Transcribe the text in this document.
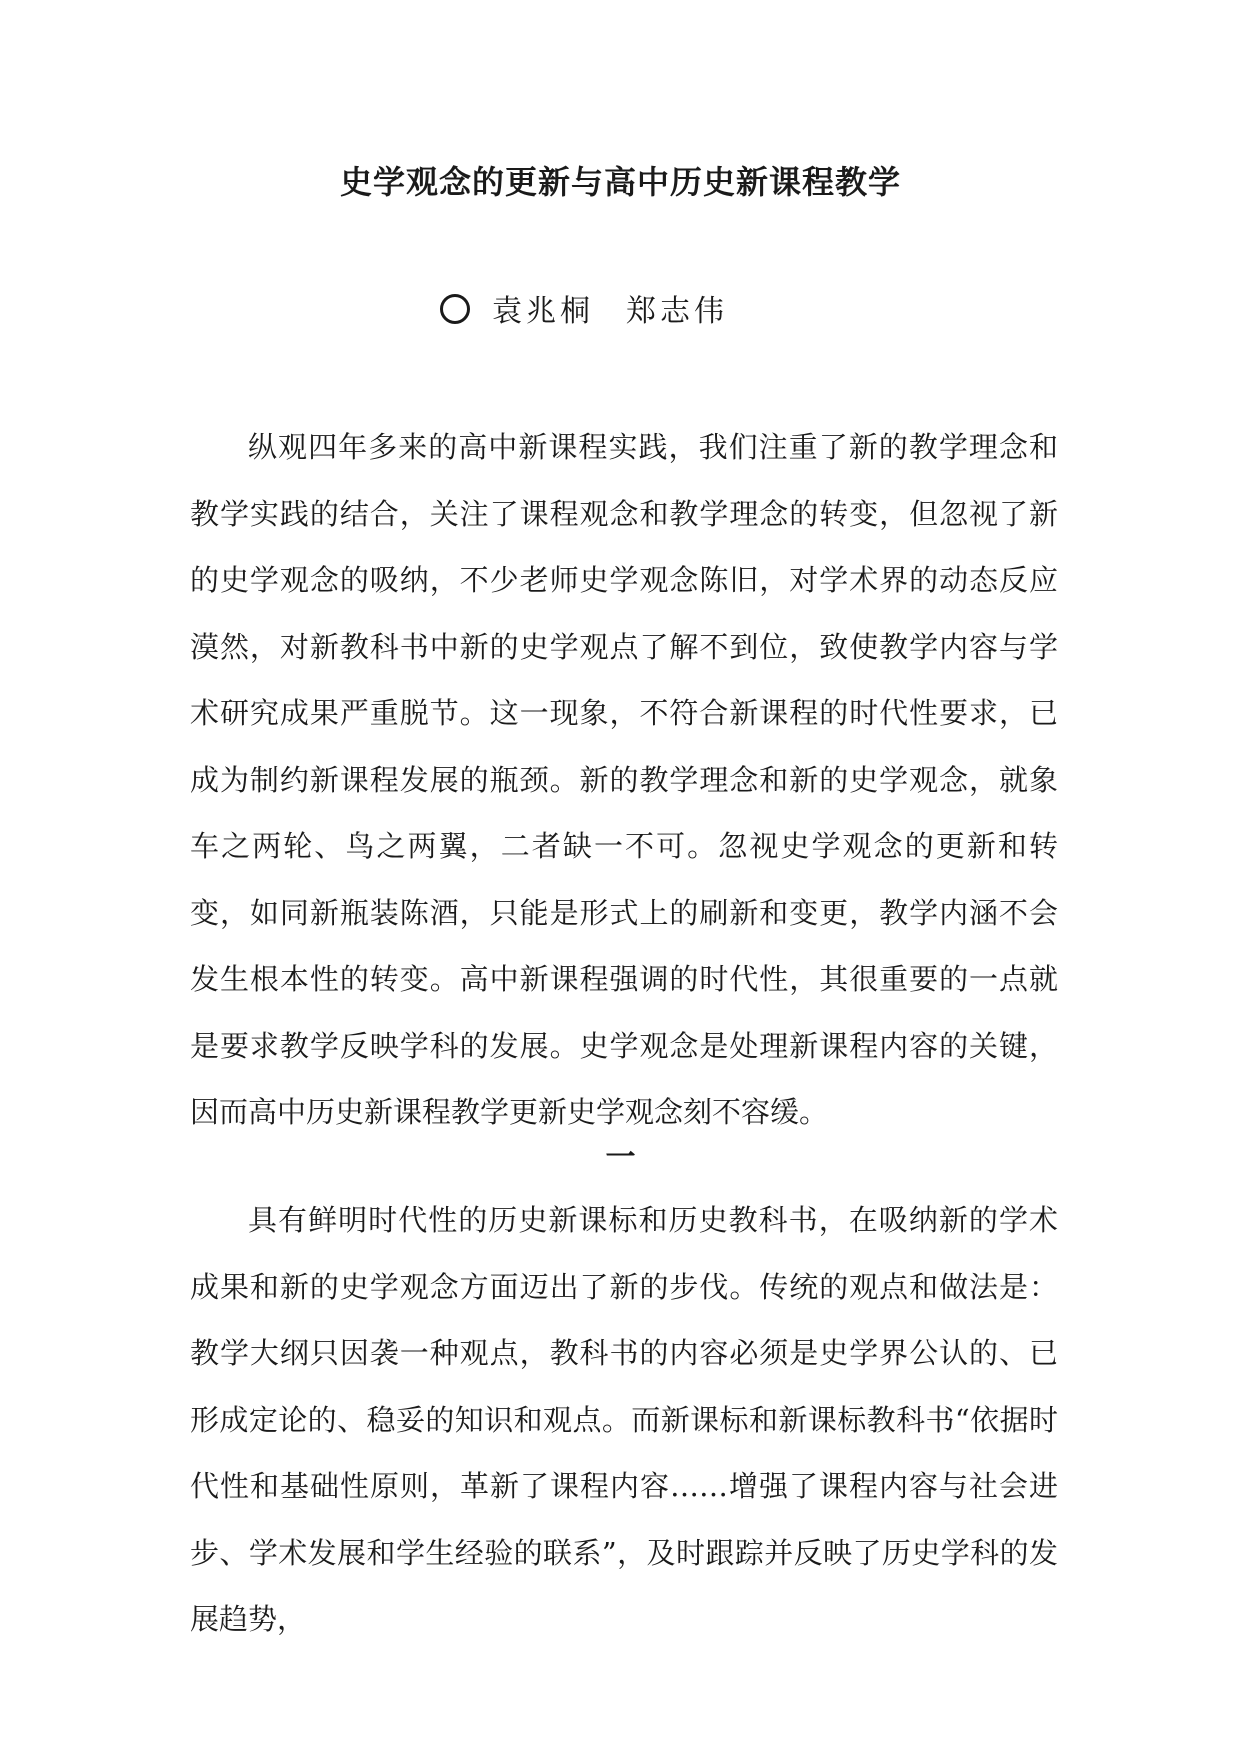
史学观念的更新与高中历史新课程教学
袁兆桐 郑志伟

纵观四年多来的高中新课程实践，我们注重了新的教学理念和教学实践的结合，关注了课程观念和教学理念的转变，但忽视了新的史学观念的吸纳，不少老师史学观念陈旧，对学术界的动态反应漠然，对新教科书中新的史学观点了解不到位，致使教学内容与学术研究成果严重脱节。这一现象，不符合新课程的时代性要求，已成为制约新课程发展的瓶颈。新的教学理念和新的史学观念，就象车之两轮、鸟之两翼，二者缺一不可。忽视史学观念的更新和转变，如同新瓶装陈酒，只能是形式上的刷新和变更，教学内涵不会发生根本性的转变。高中新课程强调的时代性，其很重要的一点就是要求教学反映学科的发展。史学观念是处理新课程内容的关键，因而高中历史新课程教学更新史学观念刻不容缓。

一

具有鲜明时代性的历史新课标和历史教科书，在吸纳新的学术成果和新的史学观念方面迈出了新的步伐。传统的观点和做法是：教学大纲只因袭一种观点，教科书的内容必须是史学界公认的、已形成定论的、稳妥的知识和观点。而新课标和新课标教科书“依据时代性和基础性原则，革新了课程内容……增强了课程内容与社会进步、学术发展和学生经验的联系”，及时跟踪并反映了历史学科的发展趋势，
